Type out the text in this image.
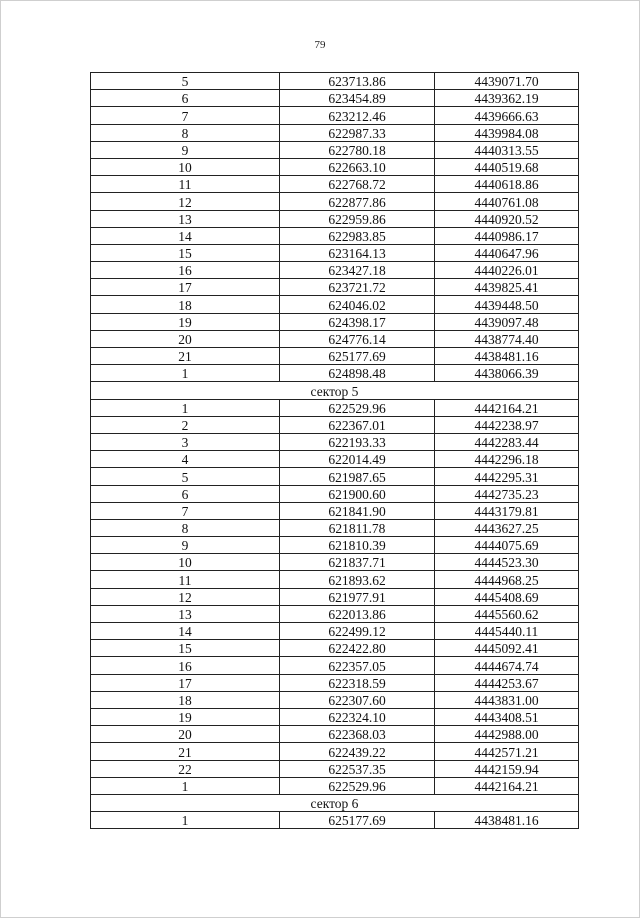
79
5	623713.86	4439071.70
6	623454.89	4439362.19
7	623212.46	4439666.63
8	622987.33	4439984.08
9	622780.18	4440313.55
10	622663.10	4440519.68
11	622768.72	4440618.86
12	622877.86	4440761.08
13	622959.86	4440920.52
14	622983.85	4440986.17
15	623164.13	4440647.96
16	623427.18	4440226.01
17	623721.72	4439825.41
18	624046.02	4439448.50
19	624398.17	4439097.48
20	624776.14	4438774.40
21	625177.69	4438481.16
1	624898.48	4438066.39
сектор 5		
1	622529.96	4442164.21
2	622367.01	4442238.97
3	622193.33	4442283.44
4	622014.49	4442296.18
5	621987.65	4442295.31
6	621900.60	4442735.23
7	621841.90	4443179.81
8	621811.78	4443627.25
9	621810.39	4444075.69
10	621837.71	4444523.30
11	621893.62	4444968.25
12	621977.91	4445408.69
13	622013.86	4445560.62
14	622499.12	4445440.11
15	622422.80	4445092.41
16	622357.05	4444674.74
17	622318.59	4444253.67
18	622307.60	4443831.00
19	622324.10	4443408.51
20	622368.03	4442988.00
21	622439.22	4442571.21
22	622537.35	4442159.94
1	622529.96	4442164.21
сектор 6		
1	625177.69	4438481.16
